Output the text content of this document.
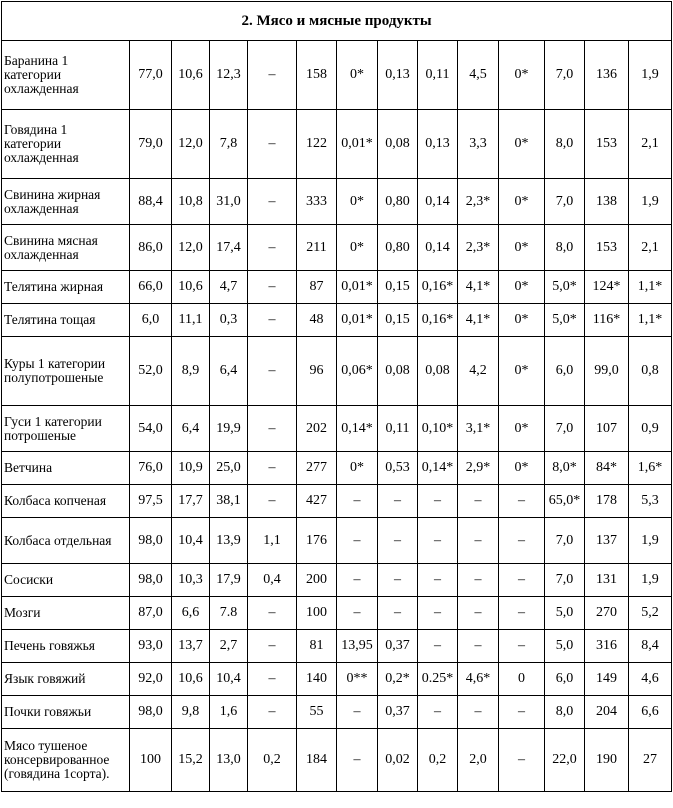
2. Мясо и мясные продукты													
Баранина 1 категории охлажденная	77,0	10,6	12,3	–	158	0*	0,13	0,11	4,5	0*	7,0	136	1,9
Говядина 1 категории охлажденная	79,0	12,0	7,8	–	122	0,01*	0,08	0,13	3,3	0*	8,0	153	2,1
Свинина жирная охлажденная	88,4	10,8	31,0	–	333	0*	0,80	0,14	2,3*	0*	7,0	138	1,9
Свинина мясная охлажденная	86,0	12,0	17,4	–	211	0*	0,80	0,14	2,3*	0*	8,0	153	2,1
Телятина жирная	66,0	10,6	4,7	–	87	0,01*	0,15	0,16*	4,1*	0*	5,0*	124*	1,1*
Телятина тощая	6,0	11,1	0,3	–	48	0,01*	0,15	0,16*	4,1*	0*	5,0*	116*	1,1*
Куры 1 категории полупотрошеные	52,0	8,9	6,4	–	96	0,06*	0,08	0,08	4,2	0*	6,0	99,0	0,8
Гуси 1 категории потрошеные	54,0	6,4	19,9	–	202	0,14*	0,11	0,10*	3,1*	0*	7,0	107	0,9
Ветчина	76,0	10,9	25,0	–	277	0*	0,53	0,14*	2,9*	0*	8,0*	84*	1,6*
Колбаса копченая	97,5	17,7	38,1	–	427	–	–	–	–	–	65,0*	178	5,3
Колбаса отдельная	98,0	10,4	13,9	1,1	176	–	–	–	–	–	7,0	137	1,9
Сосиски	98,0	10,3	17,9	0,4	200	–	–	–	–	–	7,0	131	1,9
Мозги	87,0	6,6	7.8	–	100	–	–	–	–	–	5,0	270	5,2
Печень говяжья	93,0	13,7	2,7	–	81	13,95	0,37	–	–	–	5,0	316	8,4
Язык говяжий	92,0	10,6	10,4	–	140	0**	0,2*	0.25*	4,6*	0	6,0	149	4,6
Почки говяжьи	98,0	9,8	1,6	–	55	–	0,37	–	–	–	8,0	204	6,6
Мясо тушеное консервированное (говядина 1сорта).	100	15,2	13,0	0,2	184	–	0,02	0,2	2,0	–	22,0	190	27
